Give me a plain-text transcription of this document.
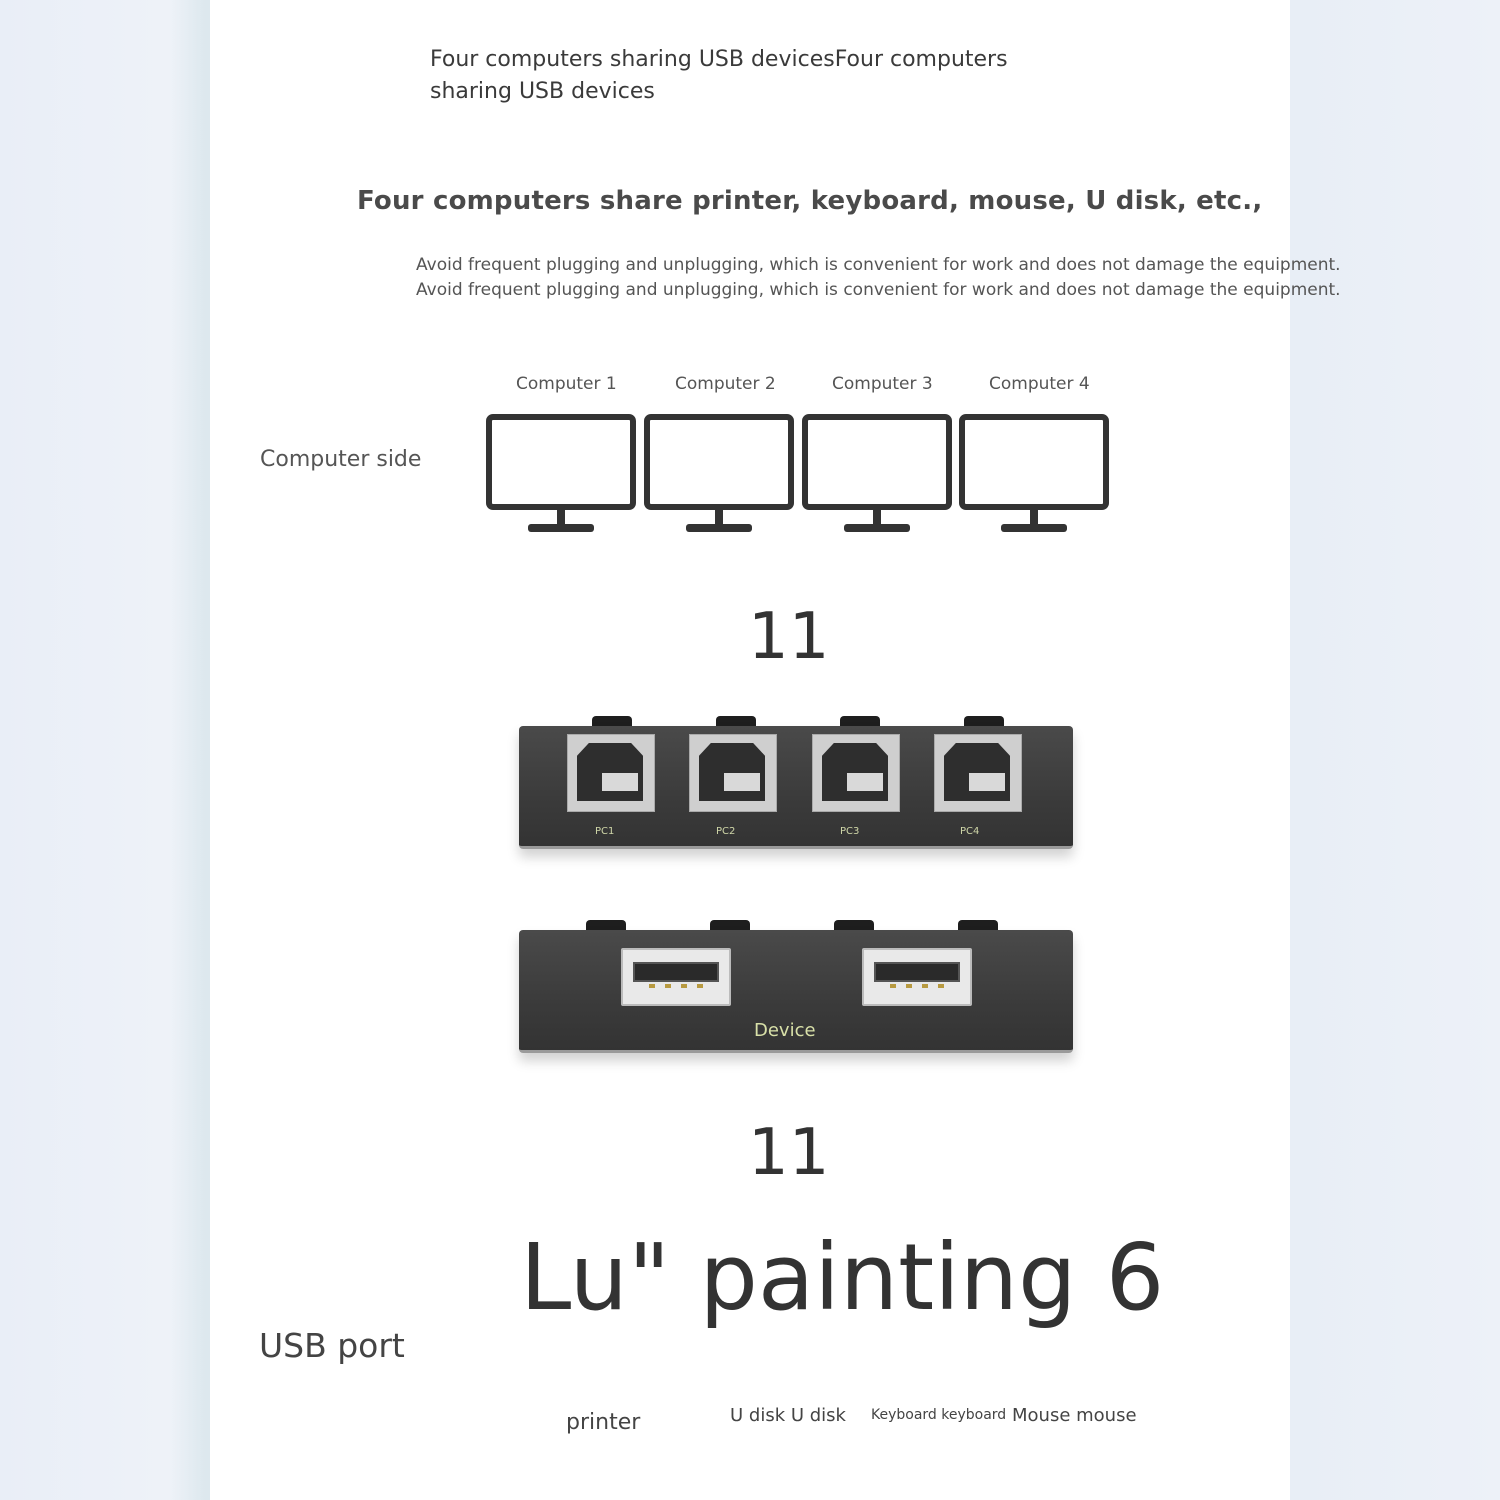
Four computers sharing USB devicesFour computers sharing USB devices
Four computers share printer, keyboard, mouse, U disk, etc.,
Avoid frequent plugging and unplugging, which is convenient for work and does not damage the equipment.
Avoid frequent plugging and unplugging, which is convenient for work and does not damage the equipment.
Computer side
Computer 1	Computer 2	Computer 3	Computer 4
11
PC1	PC2	PC3	PC4
Device
11
Lu" painting 6
USB port
printer	U disk U disk Keyboard keyboard Mouse mouse
